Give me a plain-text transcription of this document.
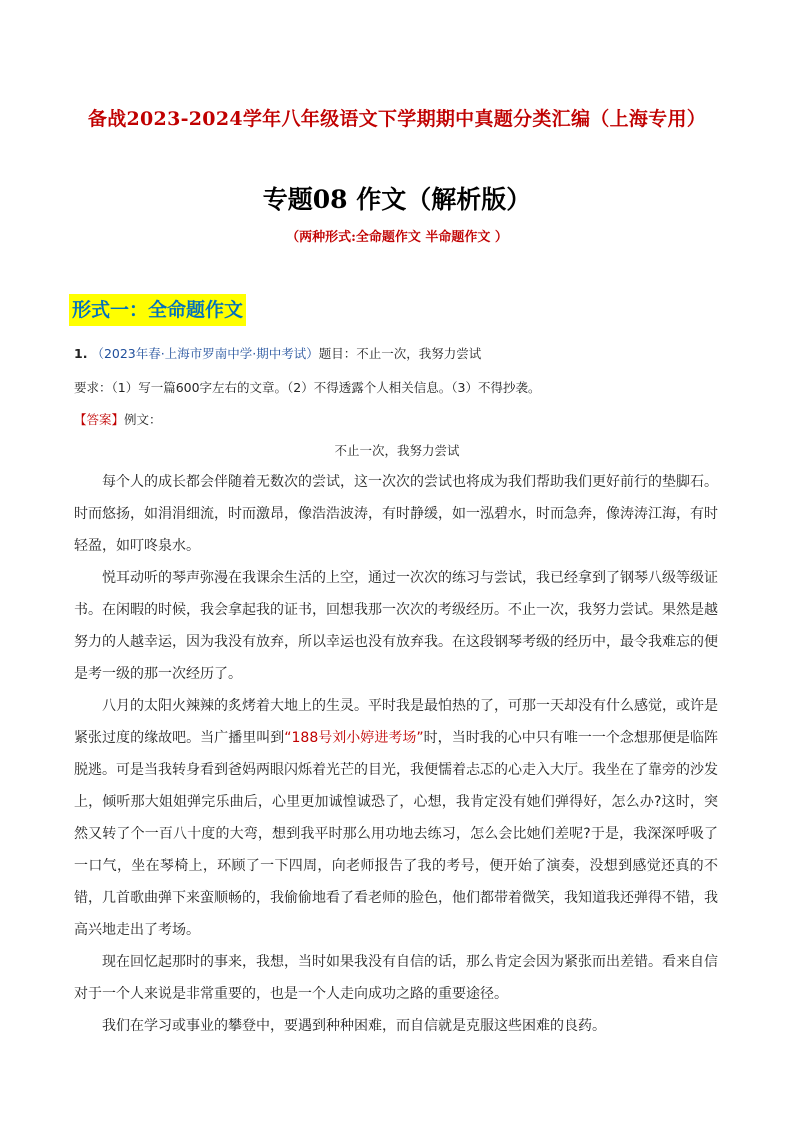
备战2023-2024学年八年级语文下学期期中真题分类汇编（上海专用）
专题08 作文（解析版）
（两种形式:全命题作文 半命题作文 ）
形式一：全命题作文
1. （2023年春·上海市罗南中学·期中考试）题目：不止一次，我努力尝试
要求：（1）写一篇600字左右的文章。（2）不得透露个人相关信息。（3）不得抄袭。
【答案】例文：
不止一次，我努力尝试

每个人的成长都会伴随着无数次的尝试，这一次次的尝试也将成为我们帮助我们更好前行的垫脚石。时而悠扬，如涓涓细流，时而激昂，像浩浩波涛，有时静缓，如一泓碧水，时而急奔，像涛涛江海，有时轻盈，如叮咚泉水。

悦耳动听的琴声弥漫在我课余生活的上空，通过一次次的练习与尝试，我已经拿到了钢琴八级等级证书。在闲暇的时候，我会拿起我的证书，回想我那一次次的考级经历。不止一次，我努力尝试。果然是越努力的人越幸运，因为我没有放弃，所以幸运也没有放弃我。在这段钢琴考级的经历中，最令我难忘的便是考一级的那一次经历了。

八月的太阳火辣辣的炙烤着大地上的生灵。平时我是最怕热的了，可那一天却没有什么感觉，或许是紧张过度的缘故吧。当广播里叫到“188号刘小婷进考场”时，当时我的心中只有唯一一个念想那便是临阵脱逃。可是当我转身看到爸妈两眼闪烁着光芒的目光，我便懦着忐忑的心走入大厅。我坐在了靠旁的沙发上，倾听那大姐姐弹完乐曲后，心里更加诚惶诚恐了，心想，我肯定没有她们弹得好，怎么办?这时，突然又转了个一百八十度的大弯，想到我平时那么用功地去练习，怎么会比她们差呢?于是，我深深呼吸了一口气，坐在琴椅上，环顾了一下四周，向老师报告了我的考号，便开始了演奏，没想到感觉还真的不错，几首歌曲弹下来蛮顺畅的，我偷偷地看了看老师的脸色，他们都带着微笑，我知道我还弹得不错，我高兴地走出了考场。

现在回忆起那时的事来，我想，当时如果我没有自信的话，那么肯定会因为紧张而出差错。看来自信对于一个人来说是非常重要的，也是一个人走向成功之路的重要途径。

我们在学习或事业的攀登中，要遇到种种困难，而自信就是克服这些困难的良药。
